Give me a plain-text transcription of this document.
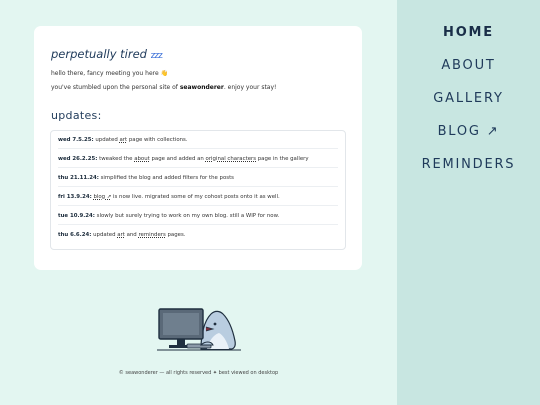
HOME
ABOUT
GALLERY
BLOG ↗
REMINDERS
perpetually tired zzz
hello there, fancy meeting you here 👋
you've stumbled upon the personal site of seawonderer. enjoy your stay!
updates:
wed 7.5.25: updated art page with collections.
wed 26.2.25: tweaked the about page and added an original characters page in the gallery
thu 21.11.24: simplified the blog and added filters for the posts
fri 13.9.24: blog ↗ is now live. migrated some of my cohost posts onto it as well.
tue 10.9.24: slowly but surely trying to work on my own blog. still a WIP for now.
thu 6.6.24: updated art and reminders pages.
© seawonderer — all rights reserved ✦ best viewed on desktop
